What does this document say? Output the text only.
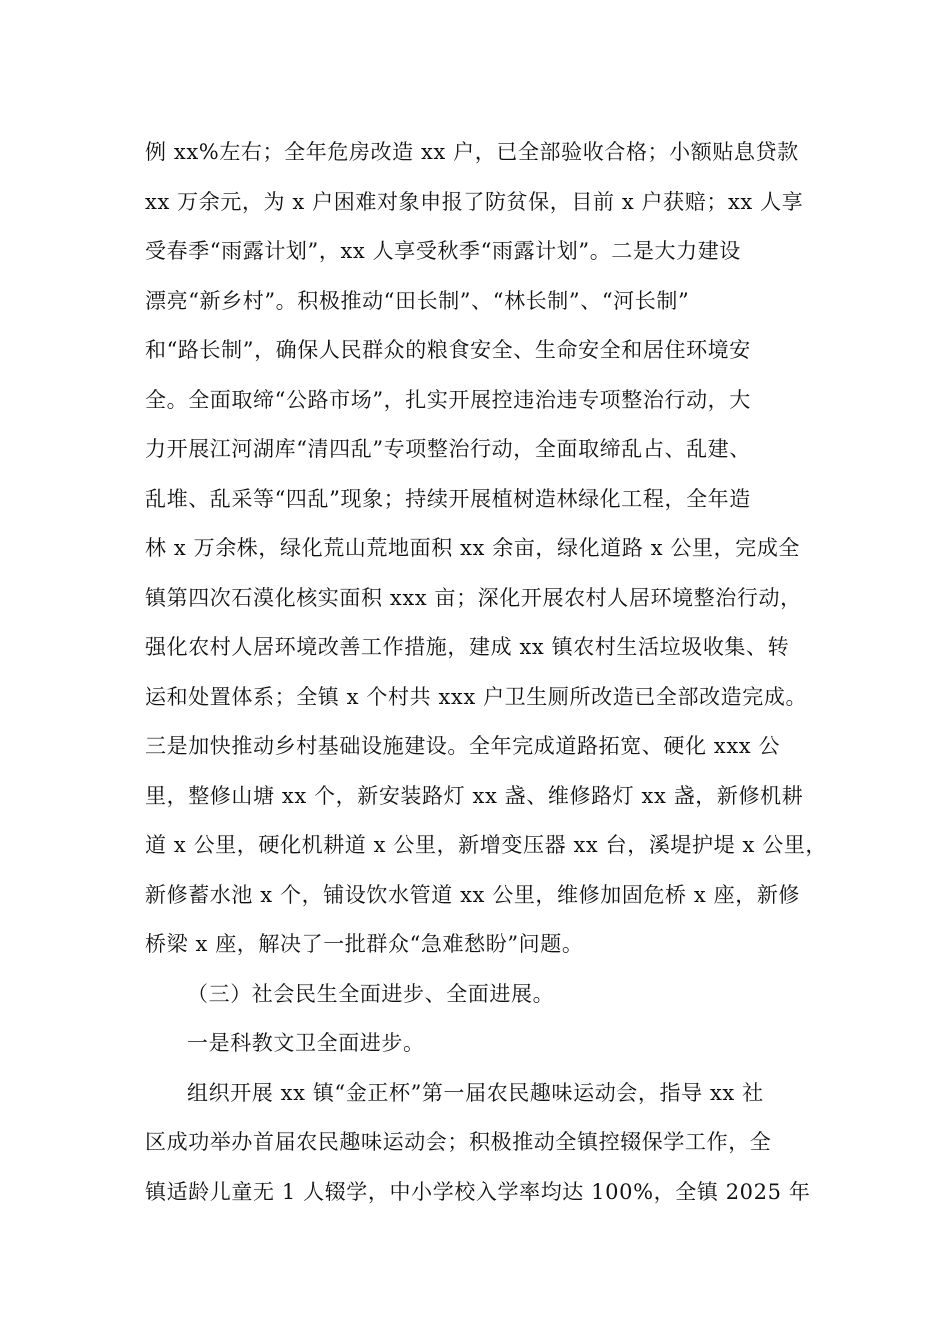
例 xx%左右；全年危房改造 xx 户，已全部验收合格；小额贴息贷款
xx 万余元，为 x 户困难对象申报了防贫保，目前 x 户获赔；xx 人享
受春季“雨露计划”，xx 人享受秋季“雨露计划”。二是大力建设
漂亮“新乡村”。积极推动“田长制”、“林长制”、“河长制”
和“路长制”，确保人民群众的粮食安全、生命安全和居住环境安
全。全面取缔“公路市场”，扎实开展控违治违专项整治行动，大
力开展江河湖库“清四乱”专项整治行动，全面取缔乱占、乱建、
乱堆、乱采等“四乱”现象；持续开展植树造林绿化工程，全年造
林 x 万余株，绿化荒山荒地面积 xx 余亩，绿化道路 x 公里，完成全
镇第四次石漠化核实面积 xxx 亩；深化开展农村人居环境整治行动，
强化农村人居环境改善工作措施，建成 xx 镇农村生活垃圾收集、转
运和处置体系；全镇 x 个村共 xxx 户卫生厕所改造已全部改造完成。
三是加快推动乡村基础设施建设。全年完成道路拓宽、硬化 xxx 公
里，整修山塘 xx 个，新安装路灯 xx 盏、维修路灯 xx 盏，新修机耕
道 x 公里，硬化机耕道 x 公里，新增变压器 xx 台，溪堤护堤 x 公里，
新修蓄水池 x 个，铺设饮水管道 xx 公里，维修加固危桥 x 座，新修
桥梁 x 座，解决了一批群众“急难愁盼”问题。
（三）社会民生全面进步、全面进展。
一是科教文卫全面进步。
组织开展 xx 镇“金正杯”第一届农民趣味运动会，指导 xx 社
区成功举办首届农民趣味运动会；积极推动全镇控辍保学工作，全
镇适龄儿童无 1 人辍学，中小学校入学率均达 100%，全镇 2025 年
